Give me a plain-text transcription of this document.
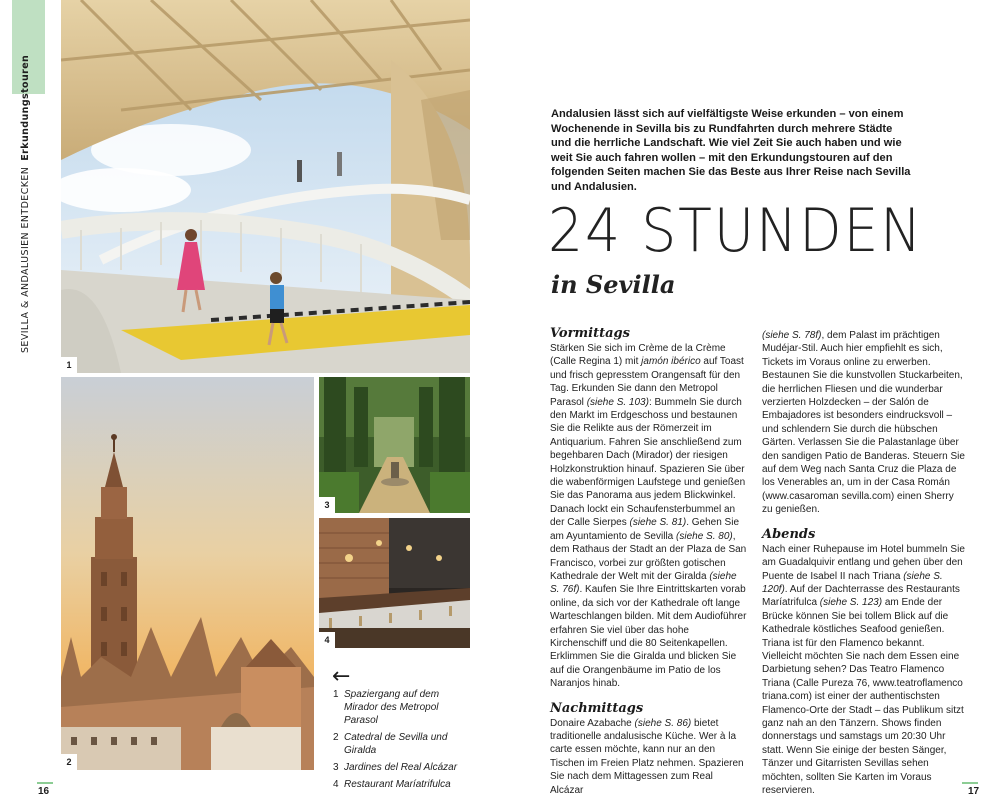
SEVILLA & ANDALUSIEN ENTDECKENErkundungstouren
1
2
3
4
←
1 Spaziergang auf dem Mirador des Metropol Parasol
2 Catedral de Sevilla und Giralda
3 Jardines del Real Alcázar
4 Restaurant Maríatrifulca
16
Andalusien lässt sich auf vielfältigste Weise erkunden – von einem Wochenende in Sevilla bis zu Rundfahrten durch mehrere Städte und die herrliche Landschaft. Wie viel Zeit Sie auch haben und wie weit Sie auch fahren wollen – mit den Erkundungstouren auf den folgenden Seiten machen Sie das Beste aus Ihrer Reise nach Sevilla und Andalusien.
24 STUNDEN
in Sevilla
Vormittags

Stärken Sie sich im Crème de la Crème (Calle Regina 1) mit jamón ibérico auf Toast und frisch gepresstem Orangensaft für den Tag. Erkunden Sie dann den Metropol Parasol (siehe S. 103): Bummeln Sie durch den Markt im Erdgeschoss und bestaunen Sie die Relikte aus der Römerzeit im Antiquarium. Fahren Sie anschließend zum begehbaren Dach (Mirador) der riesigen Holzkonstruktion hinauf. Spazieren Sie über die wabenförmigen Laufstege und genießen Sie das Panorama aus jedem Blickwinkel. Danach lockt ein Schaufensterbummel an der Calle Sierpes (siehe S. 81). Gehen Sie am Ayuntamiento de Sevilla (siehe S. 80), dem Rathaus der Stadt an der Plaza de San Francisco, vorbei zur größten gotischen Kathedrale der Welt mit der Giralda (siehe S. 76f). Kaufen Sie Ihre Eintrittskarten vorab online, da sich vor der Kathedrale oft lange Warteschlangen bilden. Mit dem Audioführer erfahren Sie viel über das hohe Kirchenschiff und die 80 Seitenkapellen. Erklimmen Sie die Giralda und blicken Sie auf die Orangenbäume im Patio de los Naranjos hinab.

Nachmittags

Donaire Azabache (siehe S. 86) bietet traditionelle andalusische Küche. Wer à la carte essen möchte, kann nur an den Tischen im Freien Platz nehmen. Spazieren Sie nach dem Mittagessen zum Real Alcázar

(siehe S. 78f), dem Palast im prächtigen Mudéjar-Stil. Auch hier empfiehlt es sich, Tickets im Voraus online zu erwerben. Bestaunen Sie die kunstvollen Stuckarbeiten, die herrlichen Fliesen und die wunderbar verzierten Holzdecken – der Salón de Embajadores ist besonders eindrucksvoll – und schlendern Sie durch die hübschen Gärten. Verlassen Sie die Palastanlage über den sandigen Patio de Banderas. Steuern Sie auf dem Weg nach Santa Cruz die Plaza de los Venerables an, um in der Casa Román (www.casaroman sevilla.com) einen Sherry zu genießen.

Abends

Nach einer Ruhepause im Hotel bummeln Sie am Guadalquivir entlang und gehen über den Puente de Isabel II nach Triana (siehe S. 120f). Auf der Dachterrasse des Restaurants Maríatrifulca (siehe S. 123) am Ende der Brücke können Sie bei tollem Blick auf die Kathedrale köstliches Seafood genießen. Triana ist für den Flamenco bekannt. Vielleicht möchten Sie nach dem Essen eine Darbietung sehen? Das Teatro Flamenco Triana (Calle Pureza 76, www.teatroflamenco triana.com) ist einer der authentischsten Flamenco-Orte der Stadt – das Publikum sitzt ganz nah an den Tänzern. Shows finden donnerstags und samstags um 20:30 Uhr statt. Wenn Sie einige der besten Sänger, Tänzer und Gitarristen Sevillas sehen möchten, sollten Sie Karten im Voraus reservieren.	17
